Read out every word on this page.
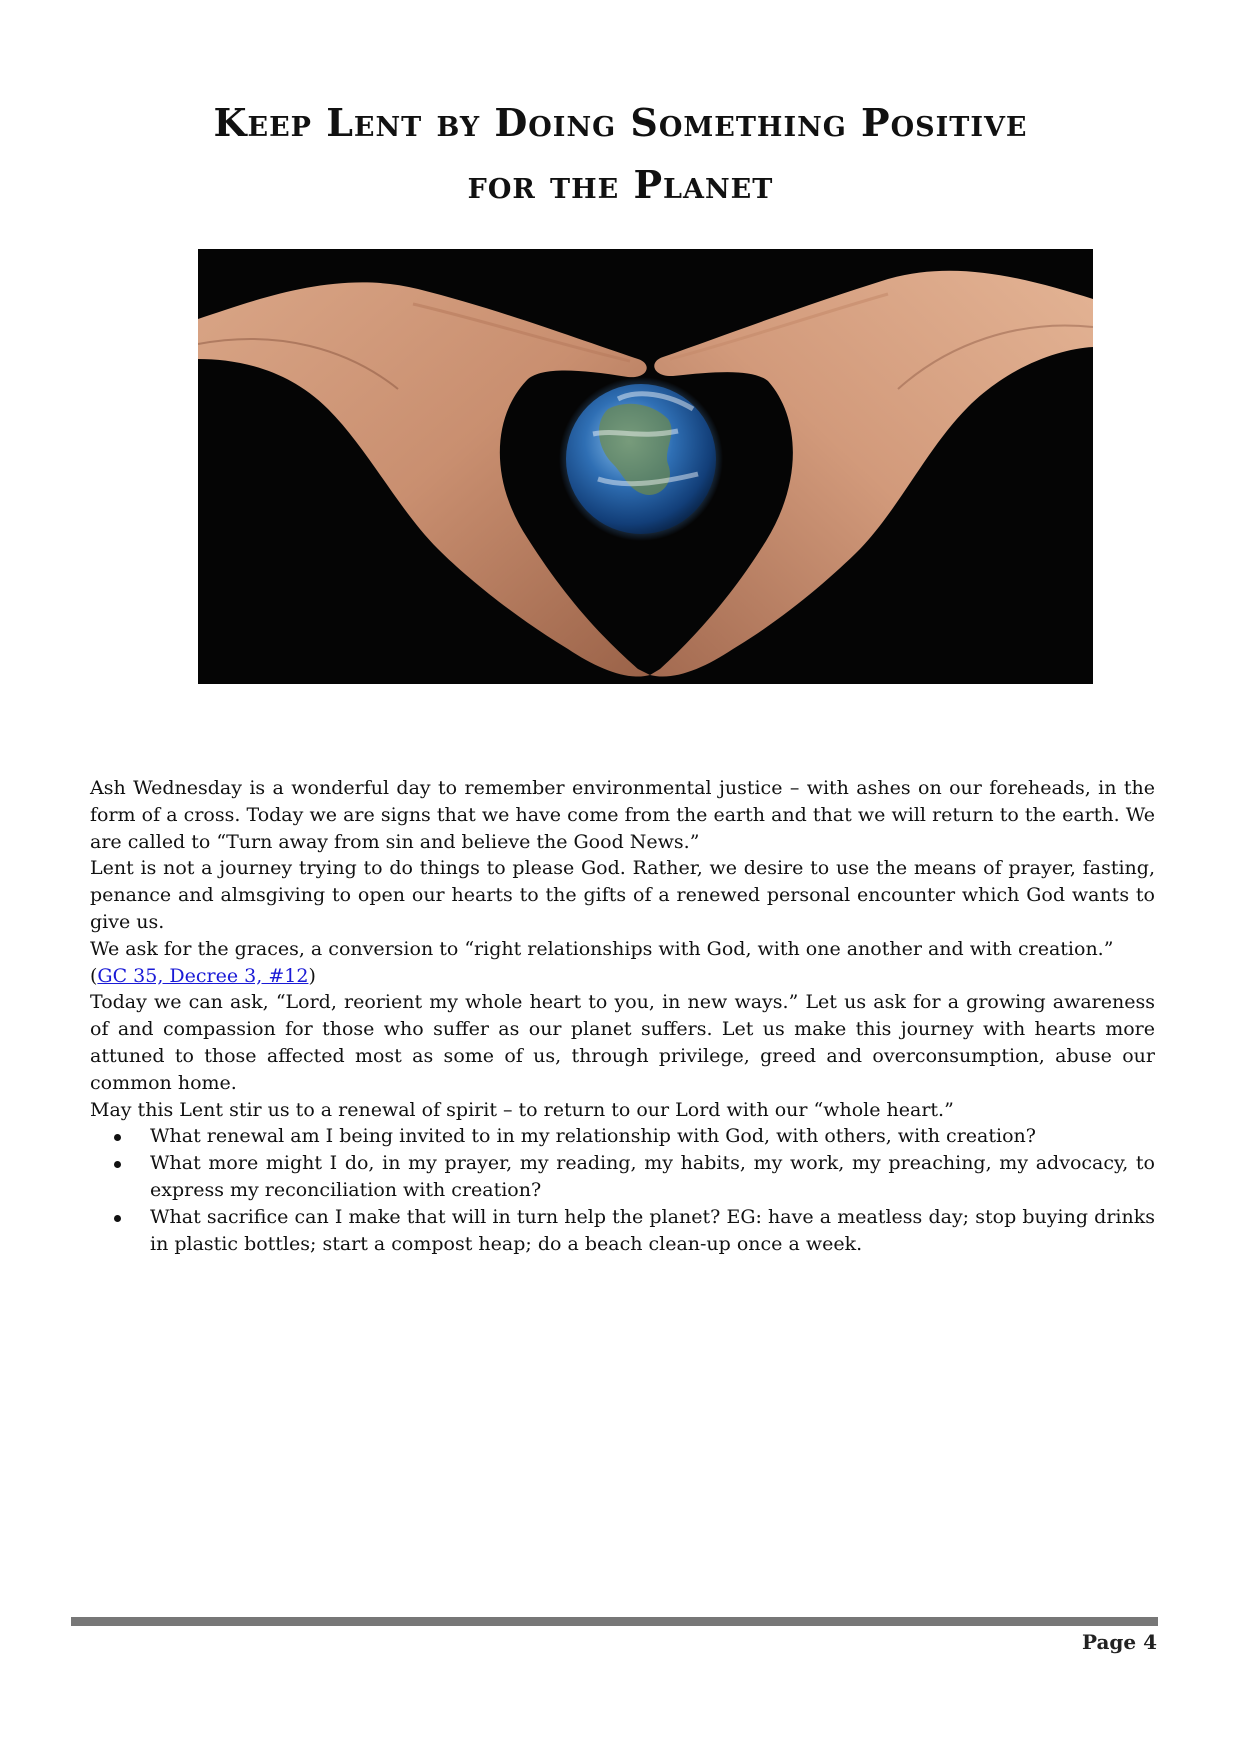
Keep Lent by Doing Something Positive
for the Planet

Ash Wednesday is a wonderful day to remember environmental justice – with ashes on our foreheads, in the form of a cross. Today we are signs that we have come from the earth and that we will return to the earth. We are called to “Turn away from sin and believe the Good News.”

Lent is not a journey trying to do things to please God. Rather, we desire to use the means of prayer, fasting, penance and almsgiving to open our hearts to the gifts of a renewed personal encounter which God wants to give us.

We ask for the graces, a conversion to “right relationships with God, with one another and with creation.”

(GC 35, Decree 3, #12)

Today we can ask, “Lord, reorient my whole heart to you, in new ways.” Let us ask for a growing awareness of and compassion for those who suffer as our planet suffers. Let us make this journey with hearts more attuned to those affected most as some of us, through privilege, greed and overconsumption, abuse our common home.

May this Lent stir us to a renewal of spirit – to return to our Lord with our “whole heart.”

What renewal am I being invited to in my relationship with God, with others, with creation?
What more might I do, in my prayer, my reading, my habits, my work, my preaching, my advocacy, to express my reconciliation with creation?
What sacrifice can I make that will in turn help the planet? EG: have a meatless day; stop buying drinks in plastic bottles; start a compost heap; do a beach clean-up once a week.
Page 4
